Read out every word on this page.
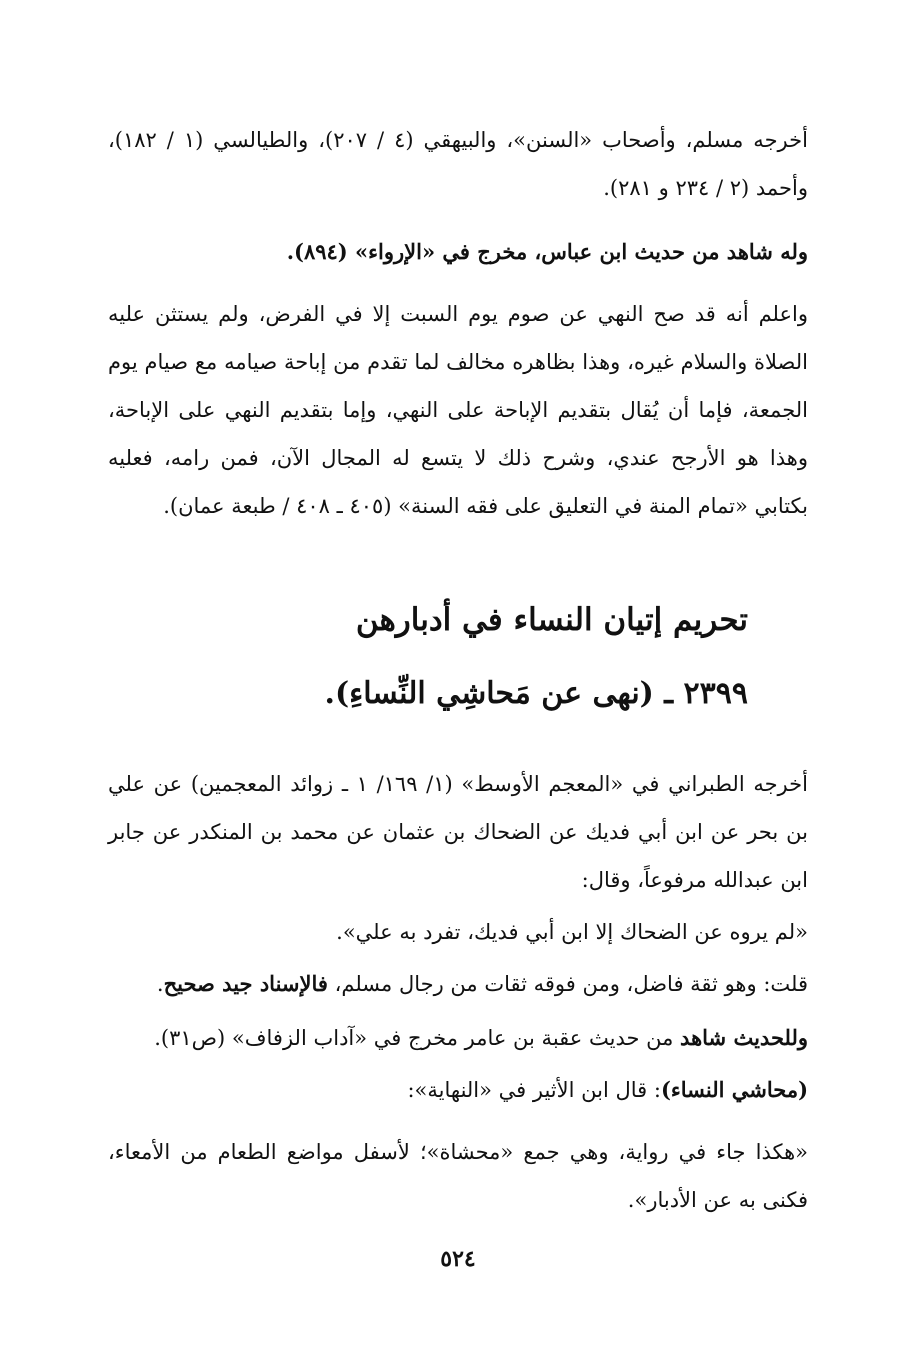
أخرجه مسلم، وأصحاب «السنن»، والبيهقي (٤ / ٢٠٧)، والطيالسي (١ / ١٨٢)، وأحمد (٢ / ٢٣٤ و ٢٨١).

وله شاهد من حديث ابن عباس، مخرج في «الإرواء» (٨٩٤).

واعلم أنه قد صح النهي عن صوم يوم السبت إلا في الفرض، ولم يستثن عليه الصلاة والسلام غيره، وهذا بظاهره مخالف لما تقدم من إباحة صيامه مع صيام يوم الجمعة، فإما أن يُقال بتقديم الإباحة على النهي، وإما بتقديم النهي على الإباحة، وهذا هو الأرجح عندي، وشرح ذلك لا يتسع له المجال الآن، فمن رامه، فعليه بكتابي «تمام المنة في التعليق على فقه السنة» (٤٠٥ ـ ٤٠٨ / طبعة عمان).

تحريم إتيان النساء في أدبارهن
٢٣٩٩ ـ (نهى عن مَحاشِي النِّساءِ).

أخرجه الطبراني في «المعجم الأوسط» (١/ ١٦٩/ ١ ـ زوائد المعجمين) عن علي بن بحر عن ابن أبي فديك عن الضحاك بن عثمان عن محمد بن المنكدر عن جابر ابن عبدالله مرفوعاً، وقال:

«لم يروه عن الضحاك إلا ابن أبي فديك، تفرد به علي».

قلت: وهو ثقة فاضل، ومن فوقه ثقات من رجال مسلم، فالإسناد جيد صحيح.

وللحديث شاهد من حديث عقبة بن عامر مخرج في «آداب الزفاف» (ص٣١).

(محاشي النساء): قال ابن الأثير في «النهاية»:

«هكذا جاء في رواية، وهي جمع «محشاة»؛ لأسفل مواضع الطعام من الأمعاء، فكنى به عن الأدبار».

٥٢٤
